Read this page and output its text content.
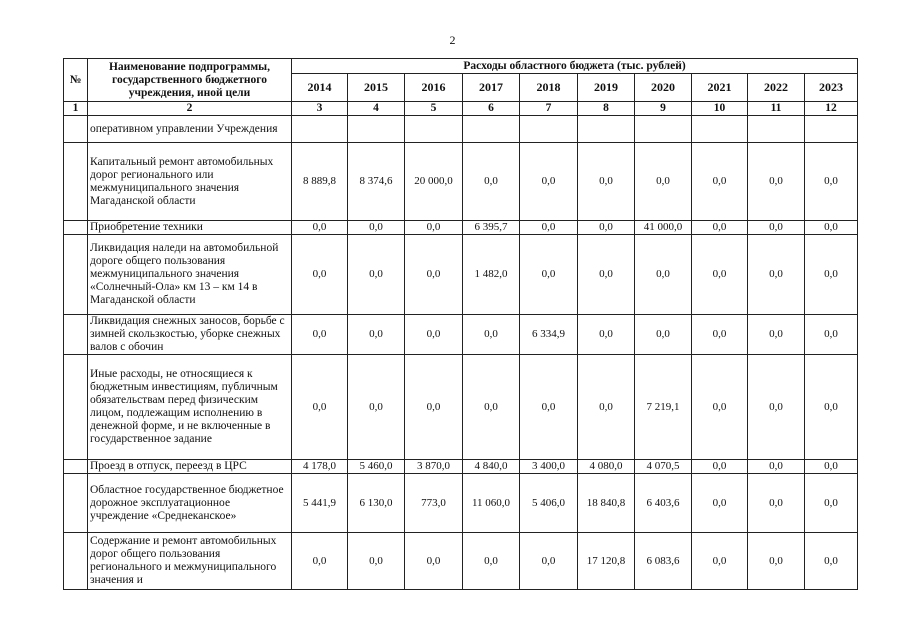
2
№	Наименование подпрограммы, государственного бюджетного учреждения, иной цели	Расходы областного бюджета (тыс. рублей)									
		2014	2015	2016	2017	2018	2019	2020	2021	2022	2023
1	2	3	4	5	6	7	8	9	10	11	12
	оперативном управлении Учреждения										
	Капитальный ремонт автомобильных дорог регионального или межмуниципального значения Магаданской области	8 889,8	8 374,6	20 000,0	0,0	0,0	0,0	0,0	0,0	0,0	0,0
	Приобретение техники	0,0	0,0	0,0	6 395,7	0,0	0,0	41 000,0	0,0	0,0	0,0
	Ликвидация наледи на автомобильной дороге общего пользования межмуниципального значения «Солнечный-Ола» км 13 – км 14 в Магаданской области	0,0	0,0	0,0	1 482,0	0,0	0,0	0,0	0,0	0,0	0,0
	Ликвидация снежных заносов, борьбе с зимней скользкостью, уборке снежных валов с обочин	0,0	0,0	0,0	0,0	6 334,9	0,0	0,0	0,0	0,0	0,0
	Иные расходы, не относящиеся к бюджетным инвестициям, публичным обязательствам перед физическим лицом, подлежащим исполнению в денежной форме, и не включенные в государственное задание	0,0	0,0	0,0	0,0	0,0	0,0	7 219,1	0,0	0,0	0,0
	Проезд в отпуск, переезд в ЦРС	4 178,0	5 460,0	3 870,0	4 840,0	3 400,0	4 080,0	4 070,5	0,0	0,0	0,0
	Областное государственное бюджетное дорожное эксплуатационное учреждение «Среднеканское»	5 441,9	6 130,0	773,0	11 060,0	5 406,0	18 840,8	6 403,6	0,0	0,0	0,0
	Содержание и ремонт автомобильных дорог общего пользования регионального и межмуниципального значения и	0,0	0,0	0,0	0,0	0,0	17 120,8	6 083,6	0,0	0,0	0,0
